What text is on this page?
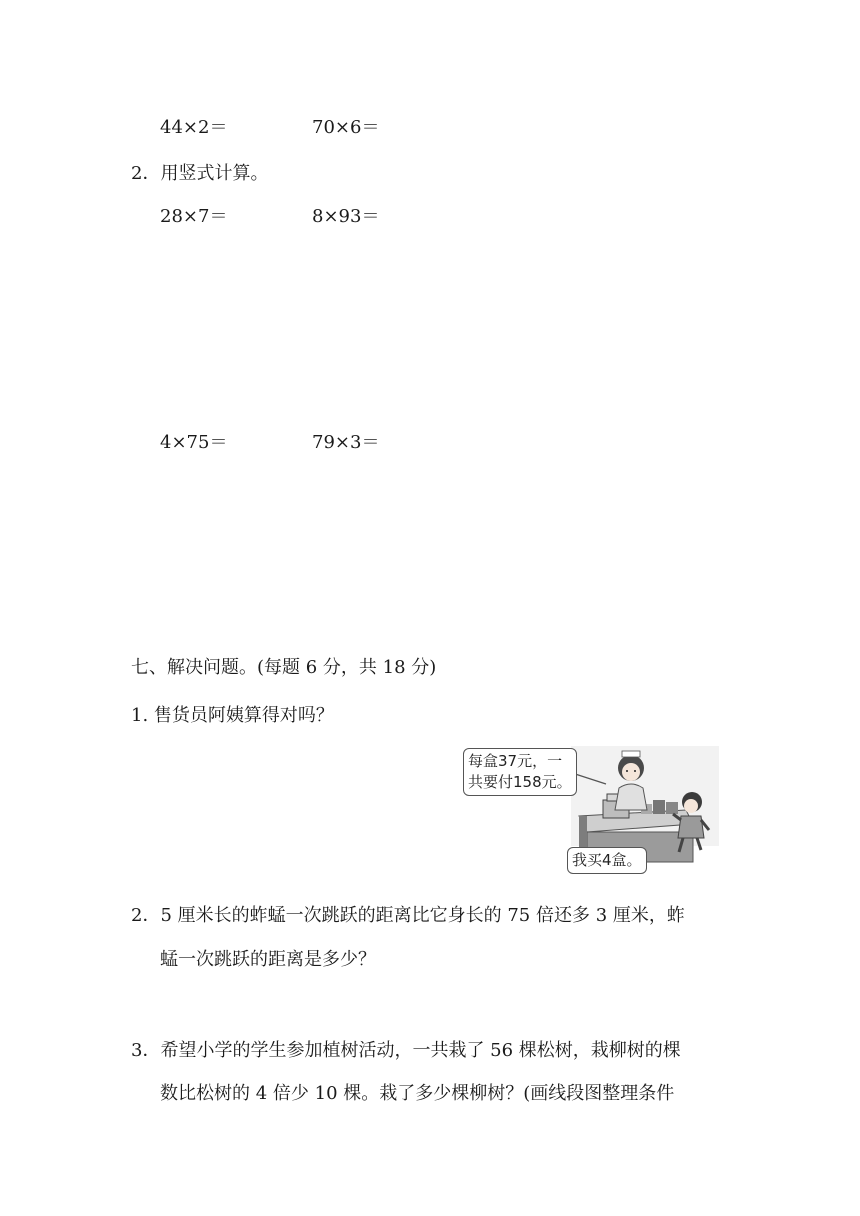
44×2＝	70×6＝
2．用竖式计算。
28×7＝	8×93＝
4×75＝	79×3＝
七、解决问题。(每题 6 分，共 18 分)
1. 售货员阿姨算得对吗？
每盒37元，一
共要付158元。
我买4盒。
2．5 厘米长的蚱蜢一次跳跃的距离比它身长的 75 倍还多 3 厘米，蚱
蜢一次跳跃的距离是多少？
3．希望小学的学生参加植树活动，一共栽了 56 棵松树，栽柳树的棵
数比松树的 4 倍少 10 棵。栽了多少棵柳树？(画线段图整理条件
